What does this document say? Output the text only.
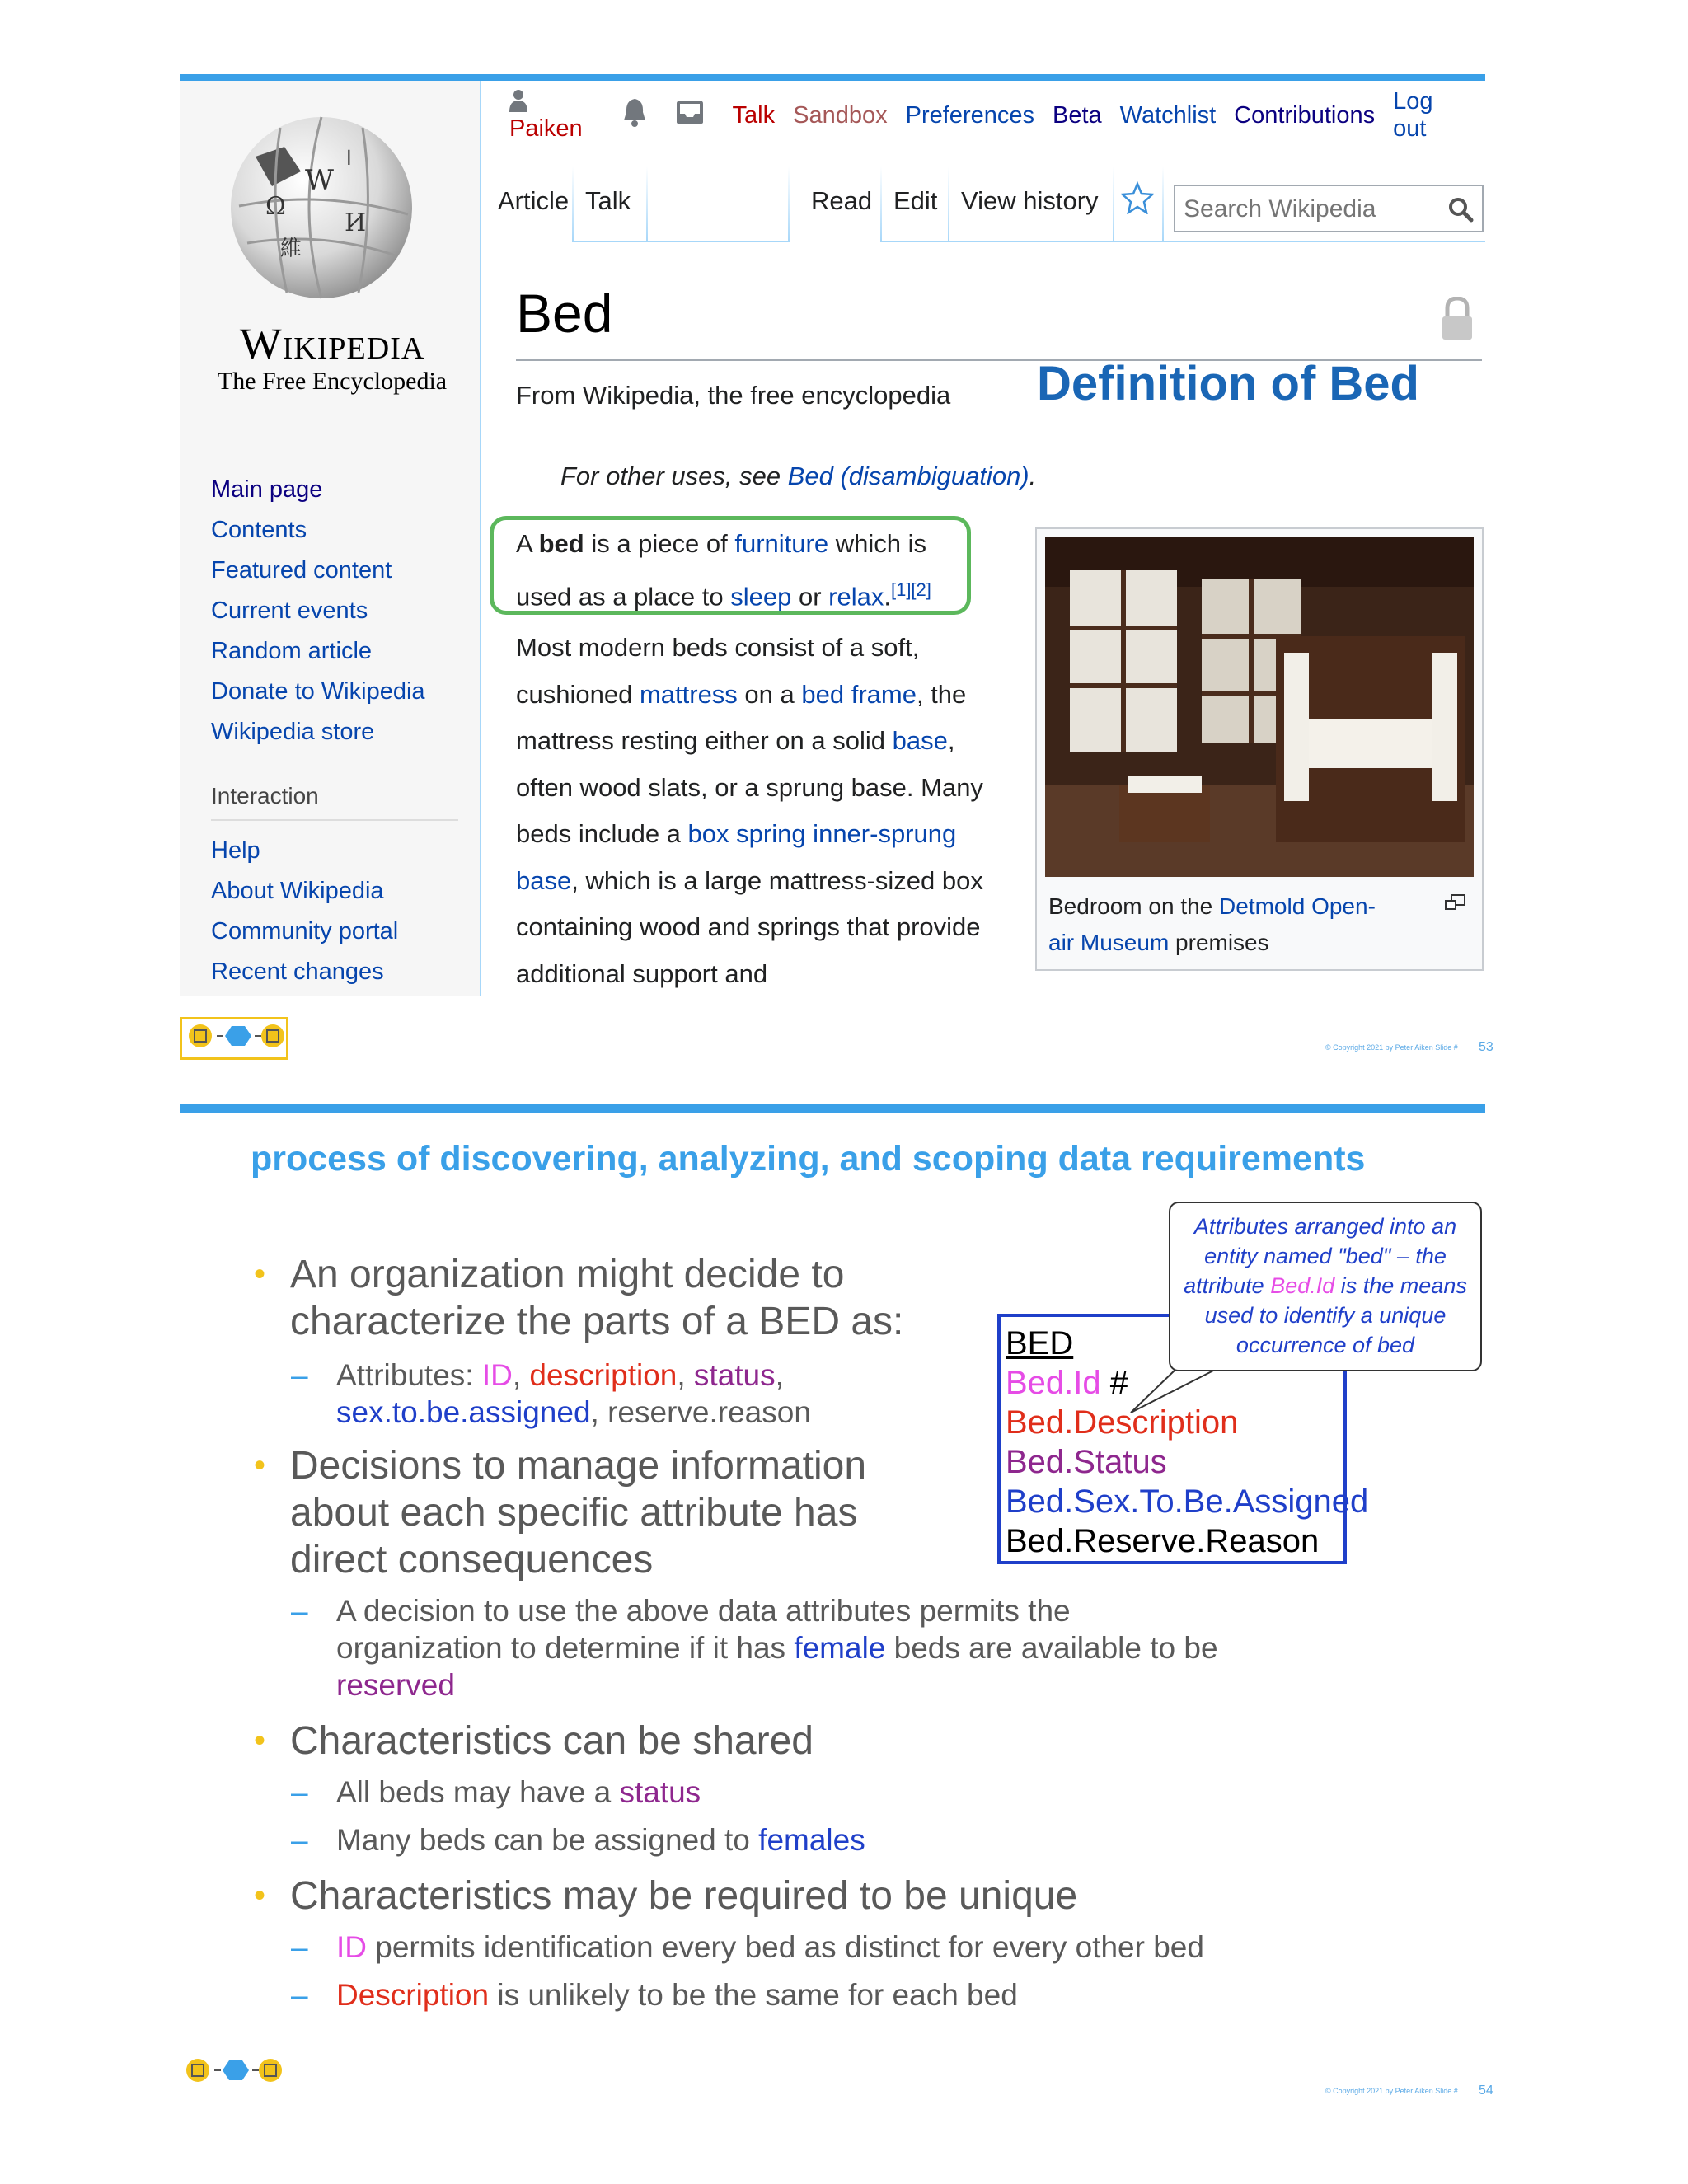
W
Ω
И
維
ا
Wikipedia
The Free Encyclopedia
Main page
Contents
Featured content
Current events
Random article
Donate to Wikipedia
Wikipedia store
Interaction
Help
About Wikipedia
Community portal
Recent changes
Paiken
Talk Sandbox Preferences Beta Watchlist Contributions
Log out
Article Talk	Read Edit View history
Search Wikipedia
Bed
From Wikipedia, the free encyclopedia Definition of Bed
For other uses, see Bed (disambiguation).
A bed is a piece of furniture which is used as a place to sleep or relax.[1][2]
Most modern beds consist of a soft, cushioned mattress on a bed frame, the mattress resting either on a solid base, often wood slats, or a sprung base. Many beds include a box spring inner-sprung base, which is a large mattress-sized box containing wood and springs that provide additional support and
Bedroom on the Detmold Open-air Museum premises
© Copyright 2021 by Peter Aiken Slide # 53
process of discovering, analyzing, and scoping data requirements
• An organization might decide to characterize the parts of a BED as:
– Attributes: ID, description, status, sex.to.be.assigned, reserve.reason
• Decisions to manage information about each specific attribute has direct consequences
– A decision to use the above data attributes permits the organization to determine if it has female beds are available to be reserved
• Characteristics can be shared
– All beds may have a status
– Many beds can be assigned to females
• Characteristics may be required to be unique
– ID permits identification every bed as distinct for every other bed
– Description is unlikely to be the same for each bed
BED
Bed.Id #
Bed.Description
Bed.Status
Bed.Sex.To.Be.Assigned
Bed.Reserve.Reason
Attributes arranged into an entity named "bed" – the attribute Bed.Id is the means used to identify a unique occurrence of bed
© Copyright 2021 by Peter Aiken Slide # 54
